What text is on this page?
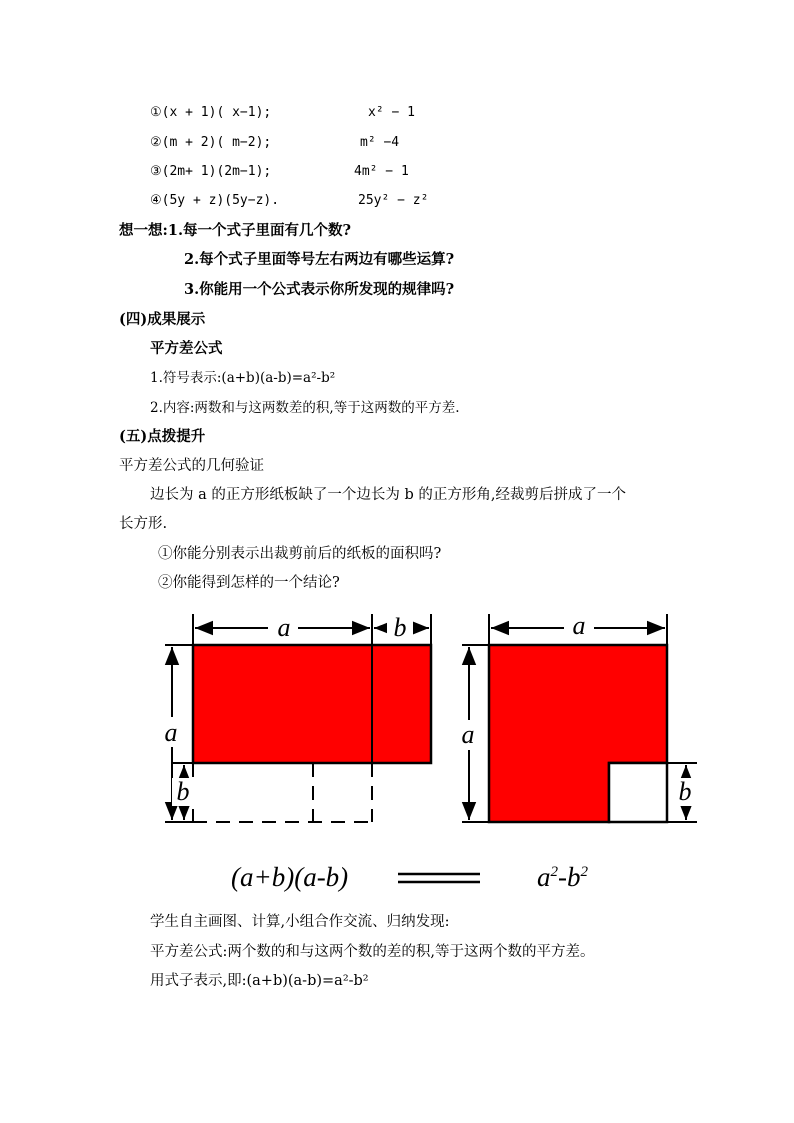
①(x + 1)( x−1);	x² − 1
②(m + 2)( m−2);	m² −4
③(2m+ 1)(2m−1);	4m² − 1
④(5y + z)(5y−z).	25y² − z²
想一想:1.每一个式子里面有几个数?
2.每个式子里面等号左右两边有哪些运算?
3.你能用一个公式表示你所发现的规律吗?
(四)成果展示
平方差公式
1.符号表示:(a+b)(a-b)=a²-b²
2.内容:两数和与这两数差的积,等于这两数的平方差.
(五)点拨提升
平方差公式的几何验证
边长为 a 的正方形纸板缺了一个边长为 b 的正方形角,经裁剪后拼成了一个
长方形.
①你能分别表示出裁剪前后的纸板的面积吗?
②你能得到怎样的一个结论?
a	b
a
b
a
a
b
(a+b)(a-b)	$a^2-b^2$
学生自主画图、计算,小组合作交流、归纳发现:
平方差公式:两个数的和与这两个数的差的积,等于这两个数的平方差。
用式子表示,即:(a+b)(a-b)=a²-b²
